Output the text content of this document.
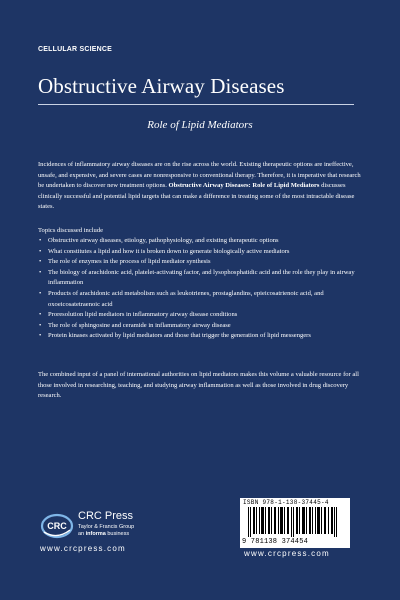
CELLULAR SCIENCE
Obstructive Airway Diseases
Role of Lipid Mediators
Incidences of inflammatory airway diseases are on the rise across the world. Existing therapeutic options are ineffective, unsafe, and expensive, and severe cases are nonresponsive to conventional therapy. Therefore, it is imperative that research be undertaken to discover new treatment options. Obstructive Airway Diseases: Role of Lipid Mediators discusses clinically successful and potential lipid targets that can make a difference in treating some of the most intractable disease states.
Topics discussed include
• Obstructive airway diseases, etiology, pathophysiology, and existing therapeutic options
• What constitutes a lipid and how it is broken down to generate biologically active mediators
• The role of enzymes in the process of lipid mediator synthesis
• The biology of arachidonic acid, platelet-activating factor, and lysophosphatidic acid and the role they play in airway inflammation
• Products of arachidonic acid metabolism such as leukotrienes, prostaglandins, epieicosatrienoic acid, and oxoeicosatetraenoic acid
• Proresolution lipid mediators in inflammatory airway disease conditions
• The role of sphingosine and ceramide in inflammatory airway disease
• Protein kinases activated by lipid mediators and those that trigger the generation of lipid messengers
The combined input of a panel of international authorities on lipid mediators makes this volume a valuable resource for all those involved in researching, teaching, and studying airway inflammation as well as those involved in drug discovery research.
CRC
CRC Press
Taylor & Francis Group
an informa business
www.crcpress.com
ISBN 978-1-138-37445-4
9 781138 374454
www.crcpress.com
